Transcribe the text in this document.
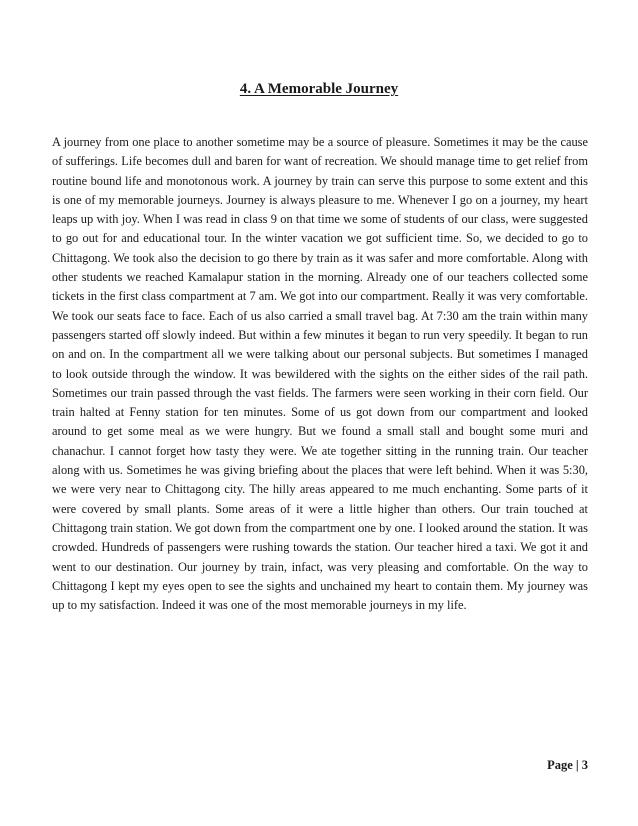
4. A Memorable Journey

A journey from one place to another sometime may be a source of pleasure. Sometimes it may be the cause of sufferings. Life becomes dull and baren for want of recreation. We should manage time to get relief from routine bound life and monotonous work. A journey by train can serve this purpose to some extent and this is one of my memorable journeys. Journey is always pleasure to me. Whenever I go on a journey, my heart leaps up with joy. When I was read in class 9 on that time we some of students of our class, were suggested to go out for and educational tour. In the winter vacation we got sufficient time. So, we decided to go to Chittagong. We took also the decision to go there by train as it was safer and more comfortable. Along with other students we reached Kamalapur station in the morning. Already one of our teachers collected some tickets in the first class compartment at 7 am. We got into our compartment. Really it was very comfortable. We took our seats face to face. Each of us also carried a small travel bag. At 7:30 am the train within many passengers started off slowly indeed. But within a few minutes it began to run very speedily. It began to run on and on. In the compartment all we were talking about our personal subjects. But sometimes I managed to look outside through the window. It was bewildered with the sights on the either sides of the rail path. Sometimes our train passed through the vast fields. The farmers were seen working in their corn field. Our train halted at Fenny station for ten minutes. Some of us got down from our compartment and looked around to get some meal as we were hungry. But we found a small stall and bought some muri and chanachur. I cannot forget how tasty they were. We ate together sitting in the running train. Our teacher along with us. Sometimes he was giving briefing about the places that were left behind. When it was 5:30, we were very near to Chittagong city. The hilly areas appeared to me much enchanting. Some parts of it were covered by small plants. Some areas of it were a little higher than others. Our train touched at Chittagong train station. We got down from the compartment one by one. I looked around the station. It was crowded. Hundreds of passengers were rushing towards the station. Our teacher hired a taxi. We got it and went to our destination. Our journey by train, infact, was very pleasing and comfortable. On the way to Chittagong I kept my eyes open to see the sights and unchained my heart to contain them. My journey was up to my satisfaction. Indeed it was one of the most memorable journeys in my life.

Page | 3
